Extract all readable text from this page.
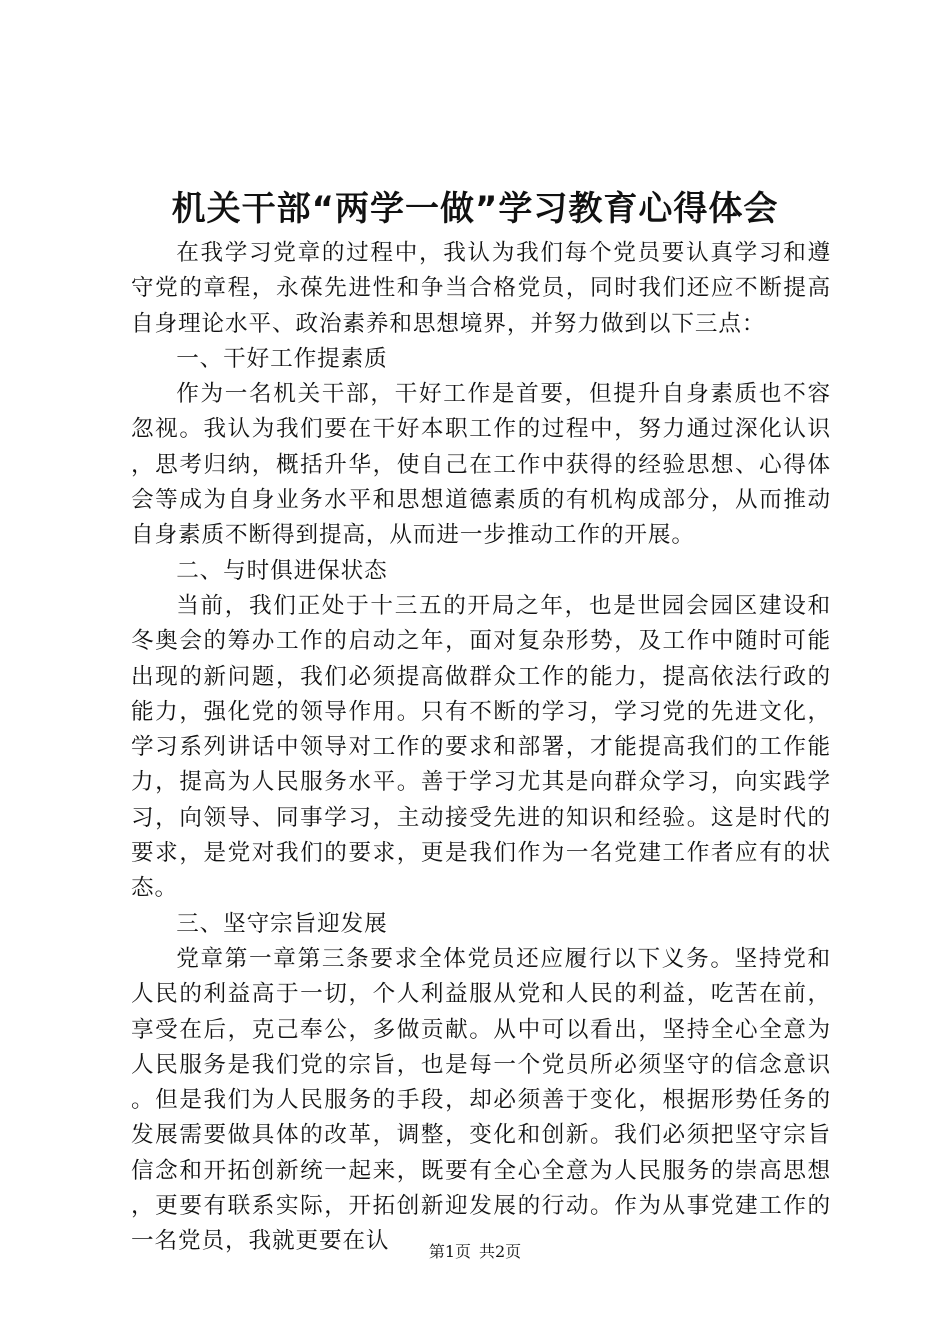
机关干部“两学一做”学习教育心得体会

在我学习党章的过程中，我认为我们每个党员要认真学习和遵守党的章程，永葆先进性和争当合格党员，同时我们还应不断提高自身理论水平、政治素养和思想境界，并努力做到以下三点：

一、干好工作提素质

作为一名机关干部，干好工作是首要，但提升自身素质也不容忽视。我认为我们要在干好本职工作的过程中，努力通过深化认识，思考归纳，概括升华，使自己在工作中获得的经验思想、心得体会等成为自身业务水平和思想道德素质的有机构成部分，从而推动自身素质不断得到提高，从而进一步推动工作的开展。

二、与时俱进保状态

当前，我们正处于十三五的开局之年，也是世园会园区建设和冬奥会的筹办工作的启动之年，面对复杂形势，及工作中随时可能出现的新问题，我们必须提高做群众工作的能力，提高依法行政的能力，强化党的领导作用。只有不断的学习，学习党的先进文化，学习系列讲话中领导对工作的要求和部署，才能提高我们的工作能力，提高为人民服务水平。善于学习尤其是向群众学习，向实践学习，向领导、同事学习，主动接受先进的知识和经验。这是时代的要求，是党对我们的要求，更是我们作为一名党建工作者应有的状态。

三、坚守宗旨迎发展

党章第一章第三条要求全体党员还应履行以下义务。坚持党和人民的利益高于一切，个人利益服从党和人民的利益，吃苦在前，享受在后，克己奉公，多做贡献。从中可以看出，坚持全心全意为人民服务是我们党的宗旨，也是每一个党员所必须坚守的信念意识。但是我们为人民服务的手段，却必须善于变化，根据形势任务的发展需要做具体的改革，调整，变化和创新。我们必须把坚守宗旨信念和开拓创新统一起来，既要有全心全意为人民服务的崇高思想，更要有联系实际，开拓创新迎发展的行动。作为从事党建工作的一名党员，我就更要在认	第1页 共2页
